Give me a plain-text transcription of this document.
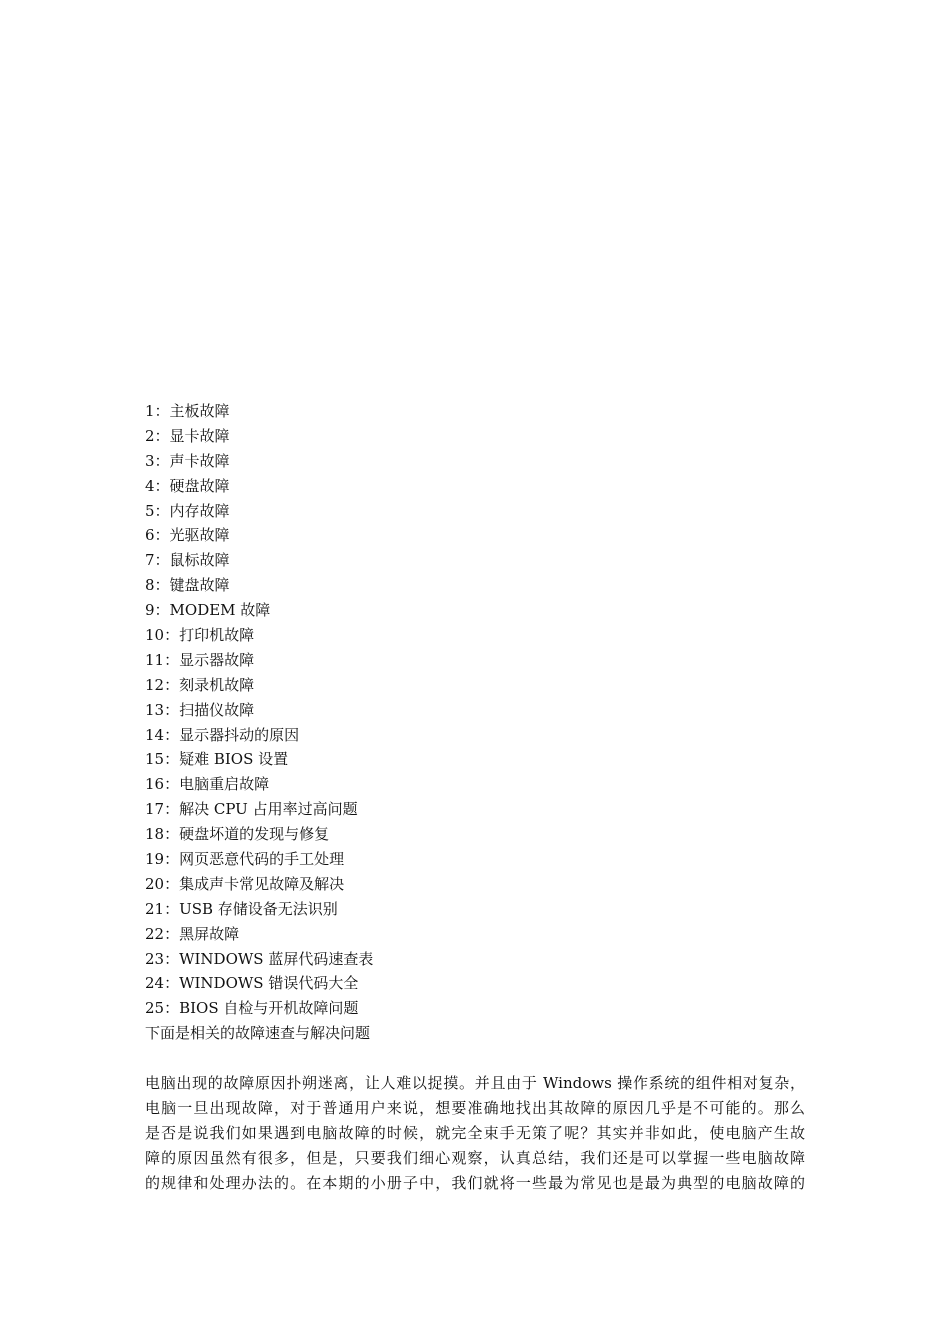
1：主板故障
2：显卡故障
3：声卡故障
4：硬盘故障
5：内存故障
6：光驱故障
7：鼠标故障
8：键盘故障
9：MODEM 故障
10：打印机故障
11：显示器故障
12：刻录机故障
13：扫描仪故障
14：显示器抖动的原因
15：疑难 BIOS 设置
16：电脑重启故障
17：解决 CPU 占用率过高问题
18：硬盘坏道的发现与修复
19：网页恶意代码的手工处理
20：集成声卡常见故障及解决
21：USB 存储设备无法识别
22：黑屏故障
23：WINDOWS 蓝屏代码速查表
24：WINDOWS 错误代码大全
25：BIOS 自检与开机故障问题
下面是相关的故障速查与解决问题

电脑出现的故障原因扑朔迷离，让人难以捉摸。并且由于 Windows 操作系统的组件相对复杂，
电脑一旦出现故障，对于普通用户来说，想要准确地找出其故障的原因几乎是不可能的。那么
是否是说我们如果遇到电脑故障的时候，就完全束手无策了呢？其实并非如此，使电脑产生故
障的原因虽然有很多，但是，只要我们细心观察，认真总结，我们还是可以掌握一些电脑故障
的规律和处理办法的。在本期的小册子中，我们就将一些最为常见也是最为典型的电脑故障的
